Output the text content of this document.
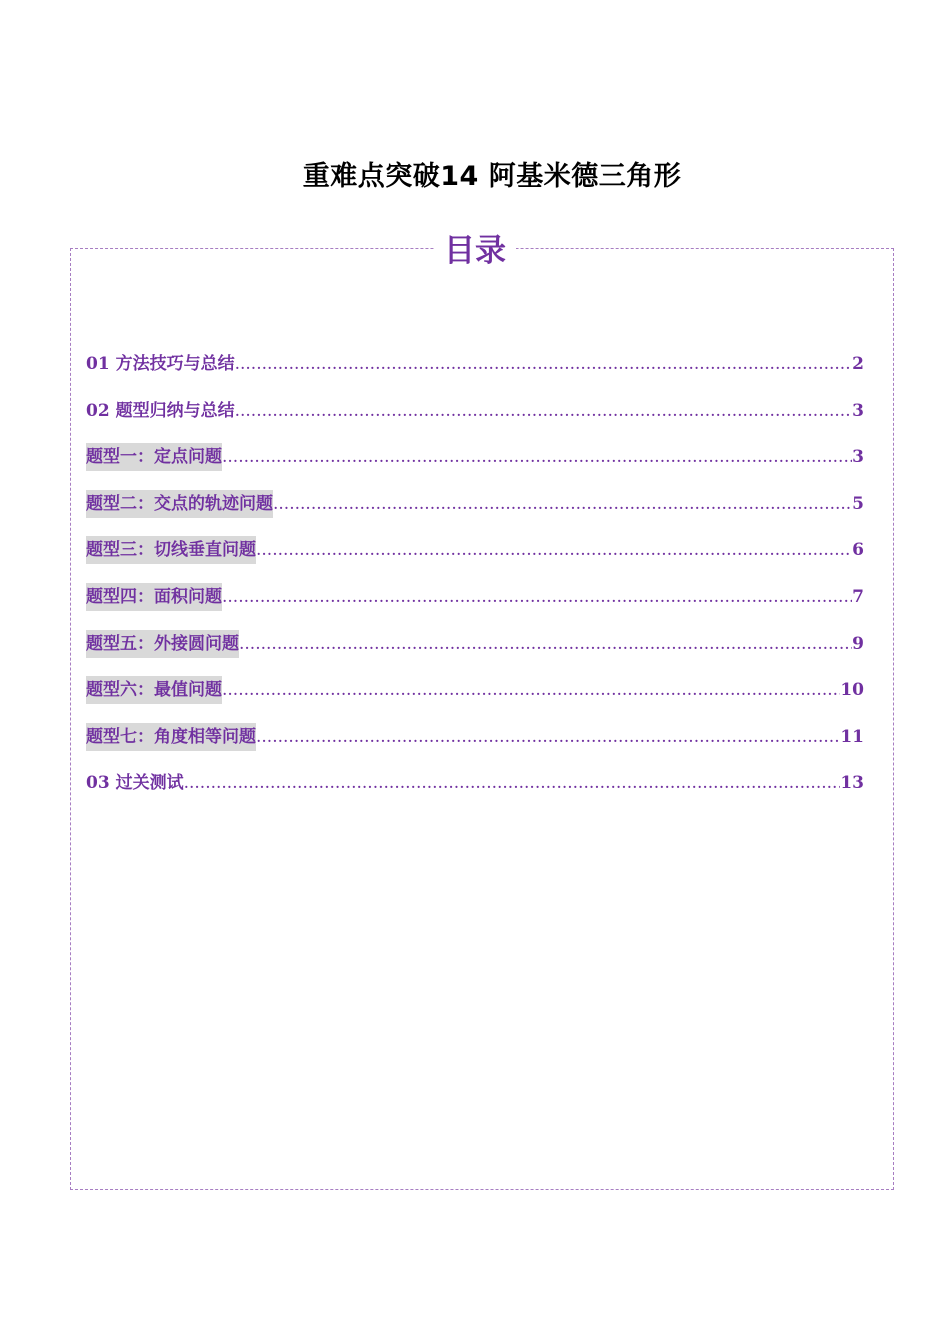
重难点突破14 阿基米德三角形
目录
01 方法技巧与总结 .....	2
02 题型归纳与总结 .....	3
题型一：定点问题 .....	3
题型二：交点的轨迹问题 .....	5
题型三：切线垂直问题 .....	6
题型四：面积问题 .....	7
题型五：外接圆问题 .....	9
题型六：最值问题 .....	10
题型七：角度相等问题 .....	11
03 过关测试 .....	13
